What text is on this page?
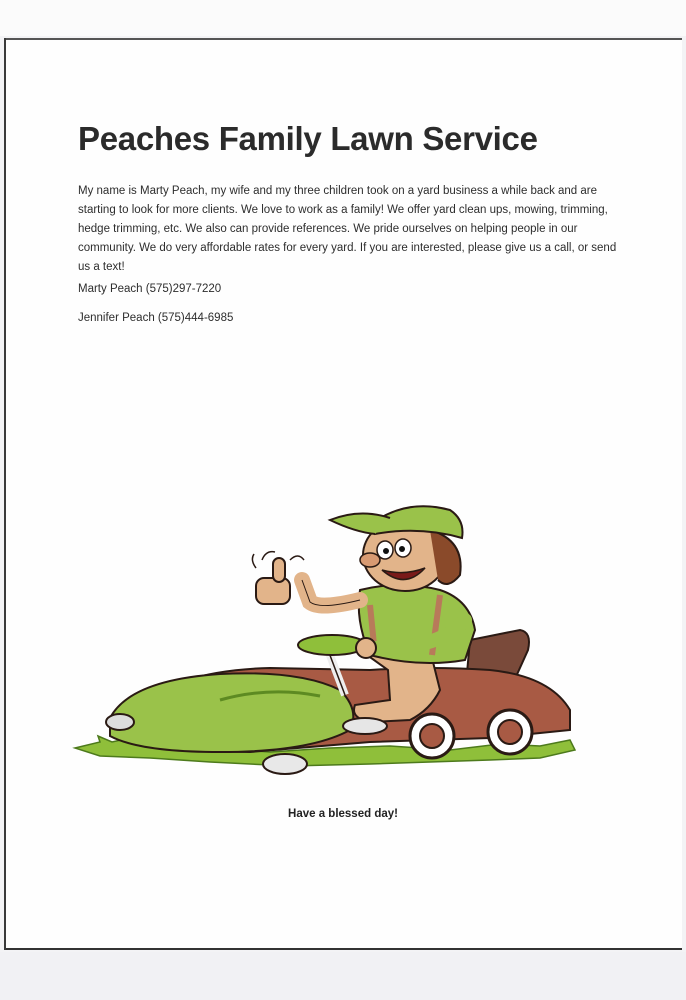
Peaches Family Lawn Service

My name is Marty Peach, my wife and my three children took on a yard business a while back and are starting to look for more clients. We love to work as a family! We offer yard clean ups, mowing, trimming, hedge trimming, etc. We also can provide references. We pride ourselves on helping people in our community. We do very affordable rates for every yard. If you are interested, please give us a call, or send us a text!

Marty Peach (575)297-7220
Jennifer Peach (575)444-6985
Have a blessed day!
